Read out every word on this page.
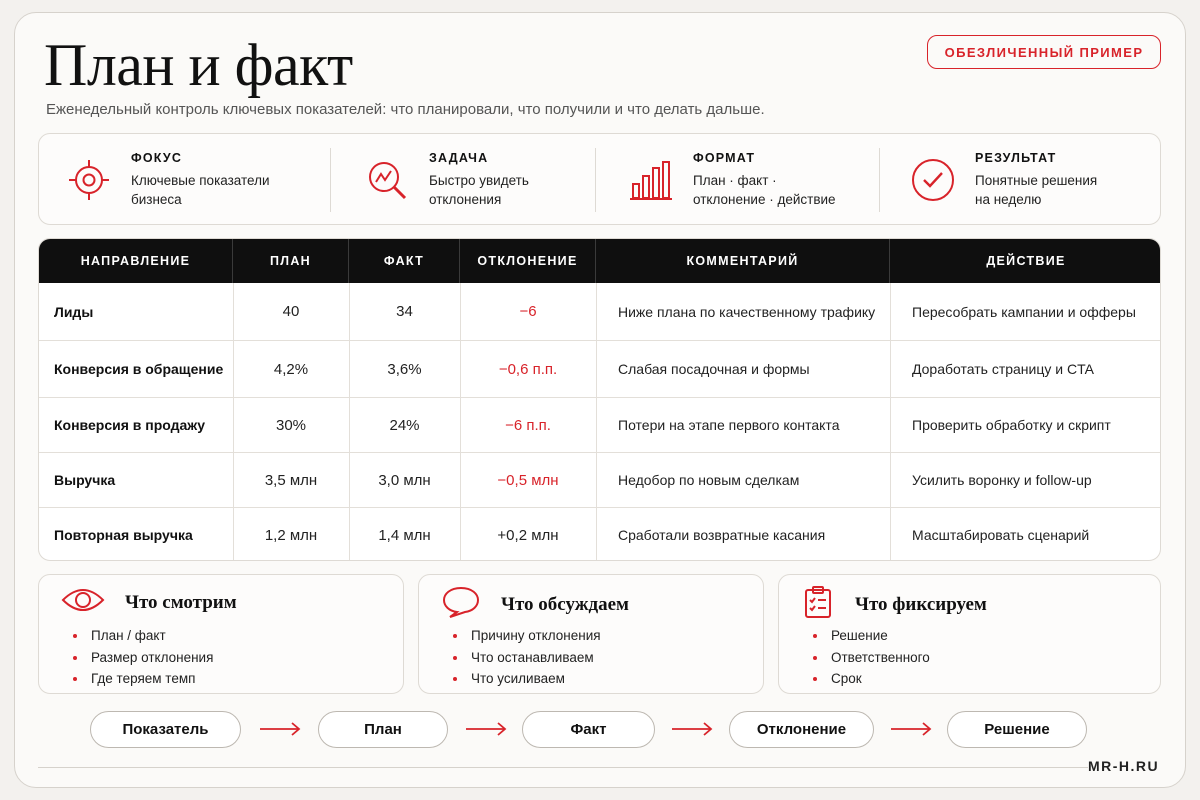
План и факт
Еженедельный контроль ключевых показателей: что планировали, что получили и что делать дальше.
ОБЕЗЛИЧЕННЫЙ ПРИМЕР
ФОКУС
Ключевые показатели
бизнеса
ЗАДАЧА
Быстро увидеть
отклонения
ФОРМАТ
План · факт ·
отклонение · действие
РЕЗУЛЬТАТ
Понятные решения
на неделю
НАПРАВЛЕНИЕ	ПЛАН	ФАКТ	ОТКЛОНЕНИЕ	КОММЕНТАРИЙ	ДЕЙСТВИЕ
Лиды	40	34	−6	Ниже плана по качественному трафику	Пересобрать кампании и офферы
Конверсия в обращение	4,2%	3,6%	−0,6 п.п.	Слабая посадочная и формы	Доработать страницу и CTA
Конверсия в продажу	30%	24%	−6 п.п.	Потери на этапе первого контакта	Проверить обработку и скрипт
Выручка	3,5 млн	3,0 млн	−0,5 млн	Недобор по новым сделкам	Усилить воронку и follow-up
Повторная выручка	1,2 млн	1,4 млн	+0,2 млн	Сработали возвратные касания	Масштабировать сценарий
Что смотрим
План / факт
Размер отклонения
Где теряем темп
Что обсуждаем
Причину отклонения
Что останавливаем
Что усиливаем
Что фиксируем
Решение
Ответственного
Срок
Показатель	План	Факт	Отклонение	Решение
MR-H.RU
